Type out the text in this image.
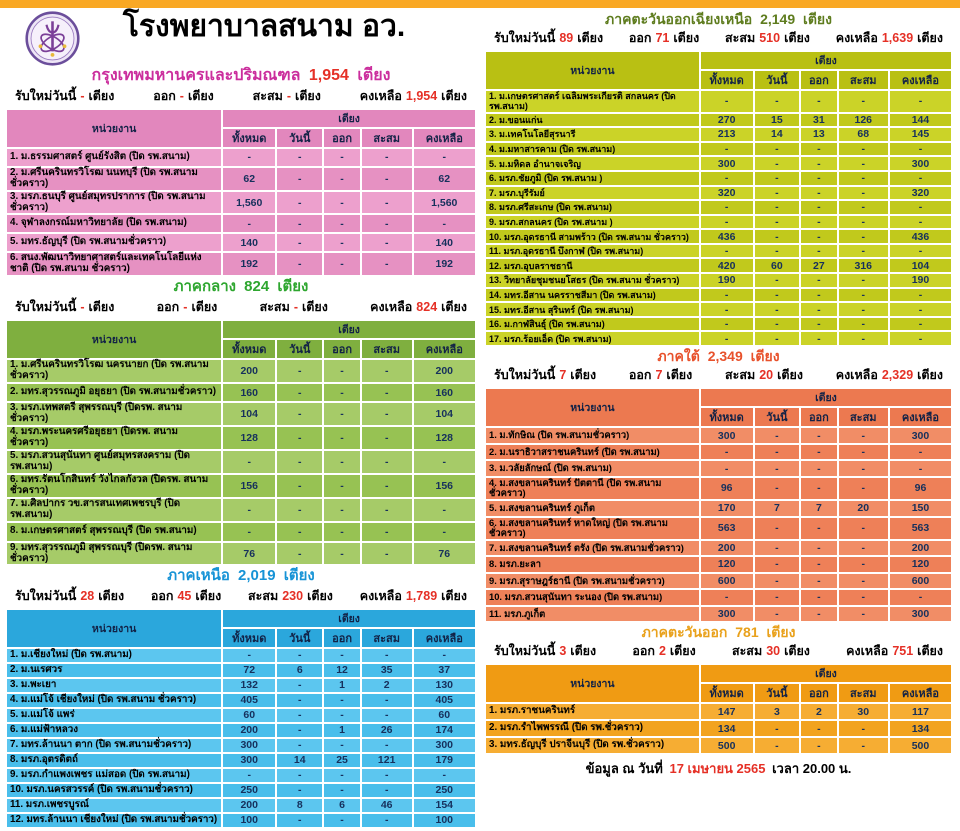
โรงพยาบาลสนาม อว.
กรุงเทพมหานครและปริมณฑล 1,954 เตียง
รับใหม่วันนี้ - เตียง	ออก - เตียง	สะสม - เตียง	คงเหลือ 1,954 เตียง
หน่วยงาน	เตียง				
	ทั้งหมด	วันนี้	ออก	สะสม	คงเหลือ
1. ม.ธรรมศาสตร์ ศูนย์รังสิต (ปิด รพ.สนาม)	-	-	-	-	-
2. ม.ศรีนครินทรวิโรฒ นนทบุรี (ปิด รพ.สนามชั่วคราว)	62	-	-	-	62
3. มรภ.ธนบุรี ศูนย์สมุทรปราการ (ปิด รพ.สนามชั่วคราว)	1,560	-	-	-	1,560
4. จุฬาลงกรณ์มหาวิทยาลัย (ปิด รพ.สนาม)	-	-	-	-	-
5. มทร.ธัญบุรี (ปิด รพ.สนามชั่วคราว)	140	-	-	-	140
6. สนง.พัฒนาวิทยาศาสตร์และเทคโนโลยีแห่งชาติ (ปิด รพ.สนาม ชั่วคราว)	192	-	-	-	192
ภาคกลาง 824 เตียง
รับใหม่วันนี้ - เตียง	ออก - เตียง	สะสม - เตียง	คงเหลือ 824 เตียง
หน่วยงาน	เตียง				
	ทั้งหมด	วันนี้	ออก	สะสม	คงเหลือ
1. ม.ศรีนครินทรวิโรฒ นครนายก (ปิด รพ.สนามชั่วคราว)	200	-	-	-	200
2. มทร.สุวรรณภูมิ อยุธยา (ปิด รพ.สนามชั่วคราว)	160	-	-	-	160
3. มรภ.เทพสตรี สุพรรณบุรี (ปิดรพ. สนาม ชั่วคราว)	104	-	-	-	104
4. มรภ.พระนครศรีอยุธยา (ปิดรพ. สนาม ชั่วคราว)	128	-	-	-	128
5. มรภ.สวนสุนันทา ศูนย์สมุทรสงคราม (ปิด รพ.สนาม)	-	-	-	-	-
6. มทร.รัตนโกสินทร์ วังไกลกังวล (ปิดรพ. สนาม ชั่วคราว)	156	-	-	-	156
7. ม.ศิลปากร วข.สารสนเทศเพชรบุรี (ปิด รพ.สนาม)	-	-	-	-	-
8. ม.เกษตรศาสตร์ สุพรรณบุรี (ปิด รพ.สนาม)	-	-	-	-	-
9. มทร.สุวรรณภูมิ สุพรรณบุรี (ปิดรพ. สนาม ชั่วคราว)	76	-	-	-	76
ภาคเหนือ 2,019 เตียง
รับใหม่วันนี้ 28 เตียง ออก 45 เตียง สะสม 230 เตียง คงเหลือ 1,789 เตียง
หน่วยงาน	เตียง				
	ทั้งหมด	วันนี้	ออก	สะสม	คงเหลือ
1. ม.เชียงใหม่ (ปิด รพ.สนาม)	-	-	-	-	-
2. ม.นเรศวร	72	6	12	35	37
3. ม.พะเยา	132	-	1	2	130
4. ม.แม่โจ้ เชียงใหม่ (ปิด รพ.สนาม ชั่วคราว)	405	-	-	-	405
5. ม.แม่โจ้ แพร่	60	-	-	-	60
6. ม.แม่ฟ้าหลวง	200	-	1	26	174
7. มทร.ล้านนา ตาก (ปิด รพ.สนามชั่วคราว)	300	-	-	-	300
8. มรภ.อุตรดิตถ์	300	14	25	121	179
9. มรภ.กำแพงเพชร แม่สอด (ปิด รพ.สนาม)	-	-	-	-	-
10. มรภ.นครสวรรค์ (ปิด รพ.สนามชั่วคราว)	250	-	-	-	250
11. มรภ.เพชรบูรณ์	200	8	6	46	154
12. มทร.ล้านนา เชียงใหม่ (ปิด รพ.สนามชั่วคราว)	100	-	-	-	100
ภาคตะวันออกเฉียงเหนือ 2,149 เตียง
รับใหม่วันนี้ 89 เตียง ออก 71 เตียง สะสม 510 เตียง คงเหลือ 1,639 เตียง
หน่วยงาน	เตียง				
	ทั้งหมด	วันนี้	ออก	สะสม	คงเหลือ
1. ม.เกษตรศาสตร์ เฉลิมพระเกียรติ สกลนคร (ปิด รพ.สนาม)	-	-	-	-	-
2. ม.ขอนแก่น	270	15	31	126	144
3. ม.เทคโนโลยีสุรนารี	213	14	13	68	145
4. ม.มหาสารคาม (ปิด รพ.สนาม)	-	-	-	-	-
5. ม.มหิดล อำนาจเจริญ	300	-	-	-	300
6. มรภ.ชัยภูมิ (ปิด รพ.สนาม )	-	-	-	-	-
7. มรภ.บุรีรัมย์	320	-	-	-	320
8. มรภ.ศรีสะเกษ (ปิด รพ.สนาม)	-	-	-	-	-
9. มรภ.สกลนคร (ปิด รพ.สนาม )	-	-	-	-	-
10. มรภ.อุดรธานี สามพร้าว (ปิด รพ.สนาม ชั่วคราว)	436	-	-	-	436
11. มรภ.อุดรธานี บึงกาฬ (ปิด รพ.สนาม)	-	-	-	-	-
12. มรภ.อุบลราชธานี	420	60	27	316	104
13. วิทยาลัยชุมชนยโสธร (ปิด รพ.สนาม ชั่วคราว)	190	-	-	-	190
14. มทร.อีสาน นครราชสีมา (ปิด รพ.สนาม)	-	-	-	-	-
15. มทร.อีสาน สุรินทร์ (ปิด รพ.สนาม)	-	-	-	-	-
16. ม.กาฬสินธุ์ (ปิด รพ.สนาม)	-	-	-	-	-
17. มรภ.ร้อยเอ็ด (ปิด รพ.สนาม)	-	-	-	-	-
ภาคใต้ 2,349 เตียง
รับใหม่วันนี้ 7 เตียง	ออก 7 เตียง	สะสม 20 เตียง	คงเหลือ 2,329 เตียง
หน่วยงาน	เตียง				
	ทั้งหมด	วันนี้	ออก	สะสม	คงเหลือ
1. ม.ทักษิณ (ปิด รพ.สนามชั่วคราว)	300	-	-	-	300
2. ม.นราธิวาสราชนครินทร์ (ปิด รพ.สนาม)	-	-	-	-	-
3. ม.วลัยลักษณ์ (ปิด รพ.สนาม)	-	-	-	-	-
4. ม.สงขลานครินทร์ ปัตตานี (ปิด รพ.สนามชั่วคราว)	96	-	-	-	96
5. ม.สงขลานครินทร์ ภูเก็ต	170	7	7	20	150
6. ม.สงขลานครินทร์ หาดใหญ่ (ปิด รพ.สนามชั่วคราว)	563	-	-	-	563
7. ม.สงขลานครินทร์ ตรัง (ปิด รพ.สนามชั่วคราว)	200	-	-	-	200
8. มรภ.ยะลา	120	-	-	-	120
9. มรภ.สุราษฎร์ธานี (ปิด รพ.สนามชั่วคราว)	600	-	-	-	600
10. มรภ.สวนสุนันทา ระนอง (ปิด รพ.สนาม)	-	-	-	-	-
11. มรภ.ภูเก็ต	300	-	-	-	300
ภาคตะวันออก 781 เตียง
รับใหม่วันนี้ 3 เตียง	ออก 2 เตียง	สะสม 30 เตียง	คงเหลือ 751 เตียง
หน่วยงาน	เตียง				
	ทั้งหมด	วันนี้	ออก	สะสม	คงเหลือ
1. มรภ.ราชนครินทร์	147	3	2	30	117
2. มรภ.รำไพพรรณี (ปิด รพ.ชั่วคราว)	134	-	-	-	134
3. มทร.ธัญบุรี ปราจีนบุรี (ปิด รพ.ชั่วคราว)	500	-	-	-	500
ข้อมูล ณ วันที่ 17 เมษายน 2565 เวลา 20.00 น.
